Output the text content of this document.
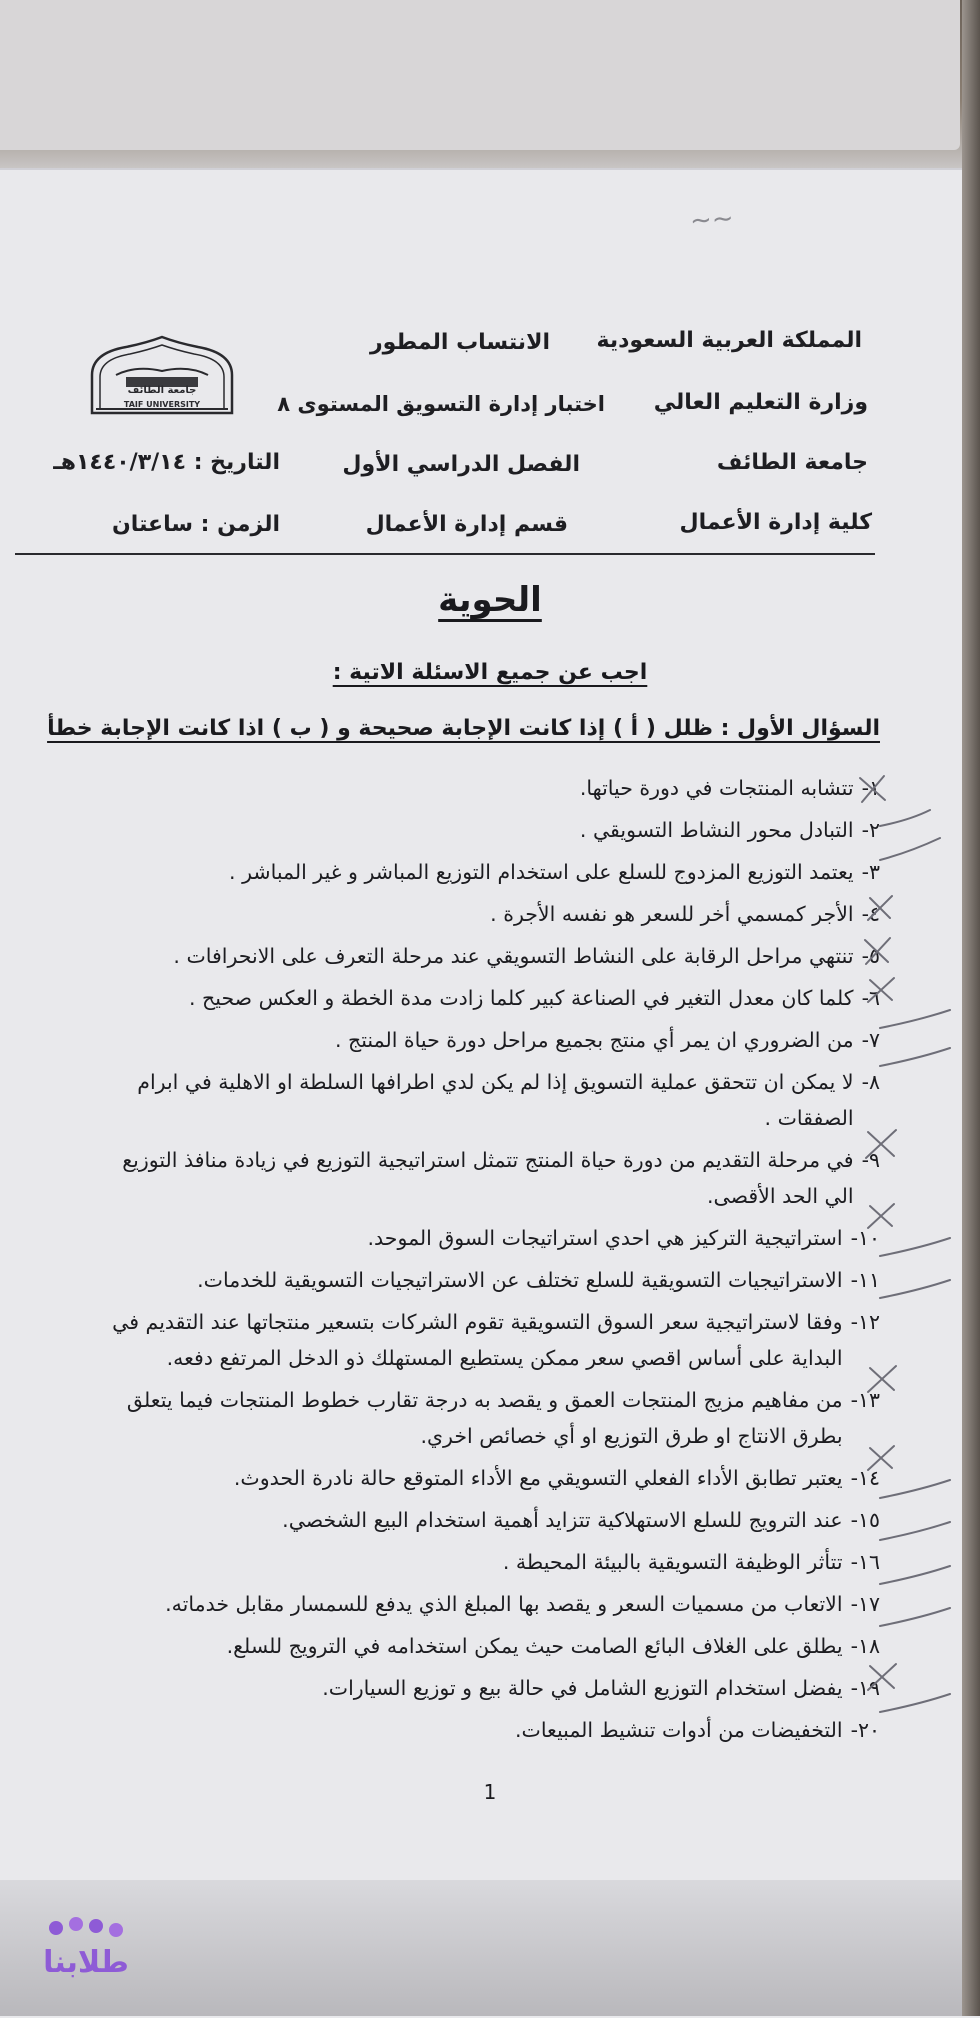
~~
المملكة العربية السعودية
وزارة التعليم العالي
جامعة الطائف
كلية إدارة الأعمال
الانتساب المطور
اختبار إدارة التسويق المستوى ٨
الفصل الدراسي الأول
قسم إدارة الأعمال
التاريخ : ١٤٤٠/٣/١٤هـ
الزمن : ساعتان
جامعة الطائف
TAIF UNIVERSITY
الحوية
اجب عن جميع الاسئلة الاتية :
السؤال الأول : ظلل ( أ ) إذا كانت الإجابة صحيحة و ( ب ) اذا كانت الإجابة خطأ
١-
تتشابه المنتجات في دورة حياتها.
٢-
التبادل محور النشاط التسويقي .
٣-
يعتمد التوزيع المزدوج للسلع على استخدام التوزيع المباشر و غير المباشر .
٤-
الأجر كمسمي أخر للسعر هو نفسه الأجرة .
٥-
تنتهي مراحل الرقابة على النشاط التسويقي عند مرحلة التعرف على الانحرافات .
٦-
كلما كان معدل التغير في الصناعة كبير كلما زادت مدة الخطة و العكس صحيح .
٧-
من الضروري ان يمر أي منتج بجميع مراحل دورة حياة المنتج .
٨-
لا يمكن ان تتحقق عملية التسويق إذا لم يكن لدي اطرافها السلطة او الاهلية في ابرام الصفقات .
٩-
في مرحلة التقديم من دورة حياة المنتج تتمثل استراتيجية التوزيع في زيادة منافذ التوزيع الي الحد الأقصى.
١٠-
استراتيجية التركيز هي احدي استراتيجات السوق الموحد.
١١-
الاستراتيجيات التسويقية للسلع تختلف عن الاستراتيجيات التسويقية للخدمات.
١٢-
وفقا لاستراتيجية سعر السوق التسويقية تقوم الشركات بتسعير منتجاتها عند التقديم في البداية على أساس اقصي سعر ممكن يستطيع المستهلك ذو الدخل المرتفع دفعه.
١٣-
من مفاهيم مزيج المنتجات العمق و يقصد به درجة تقارب خطوط المنتجات فيما يتعلق بطرق الانتاج او طرق التوزيع او أي خصائص اخري.
١٤-
يعتبر تطابق الأداء الفعلي التسويقي مع الأداء المتوقع حالة نادرة الحدوث.
١٥-
عند الترويج للسلع الاستهلاكية تتزايد أهمية استخدام البيع الشخصي.
١٦-
تتأثر الوظيفة التسويقية بالبيئة المحيطة .
١٧-
الاتعاب من مسميات السعر و يقصد بها المبلغ الذي يدفع للسمسار مقابل خدماته.
١٨-
يطلق على الغلاف البائع الصامت حيث يمكن استخدامه في الترويج للسلع.
١٩-
يفضل استخدام التوزيع الشامل في حالة بيع و توزيع السيارات.
٢٠-
التخفيضات من أدوات تنشيط المبيعات.
1
طلابنا
